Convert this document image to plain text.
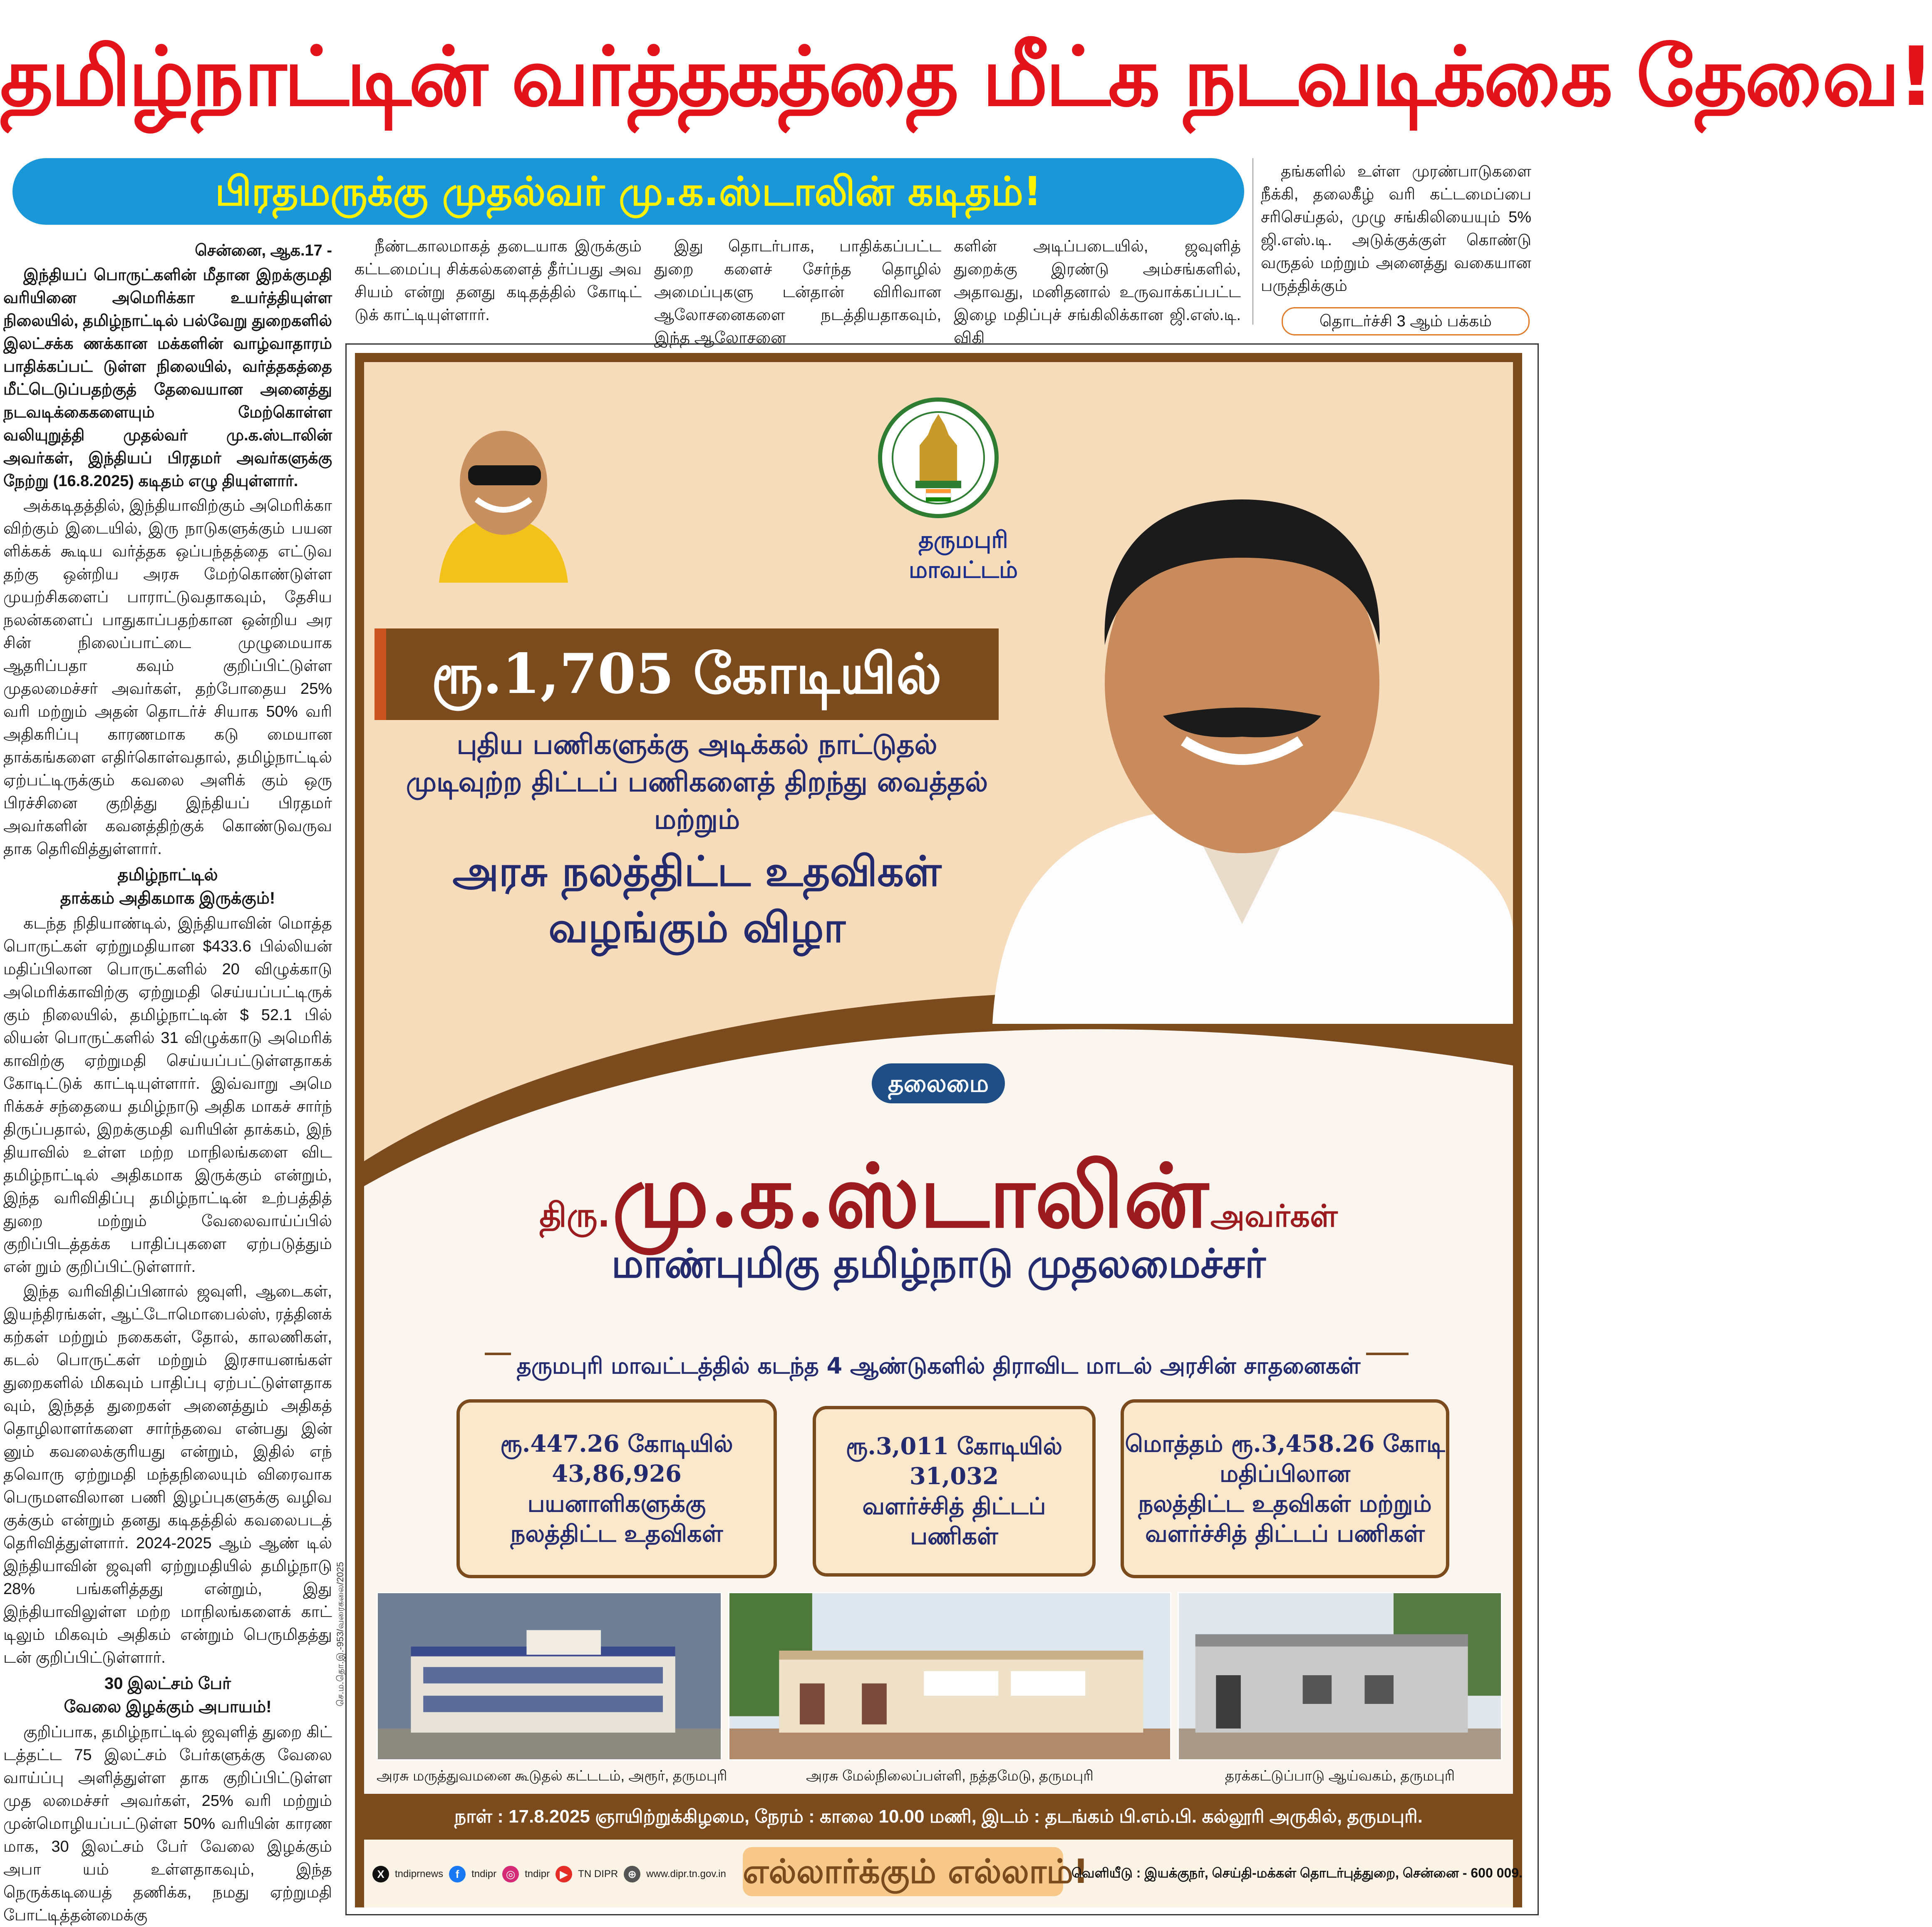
தமிழ்நாட்டின் வர்த்தகத்தை மீட்க நடவடிக்கை தேவை!
பிரதமருக்கு முதல்வர் மு.க.ஸ்டாலின் கடிதம்!

சென்னை, ஆக.17 -

இந்தியப் பொருட்களின் மீதான இறக்குமதி வரியினை அமெரிக்கா உயர்த்தியுள்ள நிலையில், தமிழ்நாட்டில் பல்வேறு துறைகளில் இலட்சக்க ணக்கான மக்களின் வாழ்வாதாரம் பாதிக்கப்பட் டுள்ள நிலையில், வர்த்தகத்தை மீட்டெடுப்பதற்குத் தேவையான அனைத்து நடவடிக்கைகளையும் மேற்கொள்ள வலியுறுத்தி முதல்வர் மு.க.ஸ்டாலின் அவர்கள், இந்தியப் பிரதமர் அவர்களுக்கு நேற்று (16.8.2025) கடிதம் எழு தியுள்ளார்.

அக்கடிதத்தில், இந்தியாவிற்கும் அமெரிக்கா விற்கும் இடையில், இரு நாடுகளுக்கும் பயன ளிக்கக் கூடிய வர்த்தக ஒப்பந்தத்தை எட்டுவ தற்கு ஒன்றிய அரசு மேற்கொண்டுள்ள முயற்சிகளைப் பாராட்டுவதாகவும், தேசிய நலன்களைப் பாதுகாப்பதற்கான ஒன்றிய அர சின் நிலைப்பாட்டை முழுமையாக ஆதரிப்பதா கவும் குறிப்பிட்டுள்ள முதலமைச்சர் அவர்கள், தற்போதைய 25% வரி மற்றும் அதன் தொடர்ச் சியாக 50% வரி அதிகரிப்பு காரணமாக கடு மையான தாக்கங்களை எதிர்கொள்வதால், தமிழ்நாட்டில் ஏற்பட்டிருக்கும் கவலை அளிக் கும் ஒரு பிரச்சினை குறித்து இந்தியப் பிரதமர் அவர்களின் கவனத்திற்குக் கொண்டுவருவ தாக தெரிவித்துள்ளார்.

தமிழ்நாட்டில்
தாக்கம் அதிகமாக இருக்கும்!

கடந்த நிதியாண்டில், இந்தியாவின் மொத்த பொருட்கள் ஏற்றுமதியான $433.6 பில்லியன் மதிப்பிலான பொருட்களில் 20 விழுக்காடு அமெரிக்காவிற்கு ஏற்றுமதி செய்யப்பட்டிருக் கும் நிலையில், தமிழ்நாட்டின் $ 52.1 பில் லியன் பொருட்களில் 31 விழுக்காடு அமெரிக் காவிற்கு ஏற்றுமதி செய்யப்பட்டுள்ளதாகக் கோடிட்டுக் காட்டியுள்ளார். இவ்வாறு அமெ ரிக்கச் சந்தையை தமிழ்நாடு அதிக மாகச் சார்ந் திருப்பதால், இறக்குமதி வரியின் தாக்கம், இந் தியாவில் உள்ள மற்ற மாநிலங்களை விட தமிழ்நாட்டில் அதிகமாக இருக்கும் என்றும், இந்த வரிவிதிப்பு தமிழ்நாட்டின் உற்பத்தித் துறை மற்றும் வேலைவாய்ப்பில் குறிப்பிடத்தக்க பாதிப்புகளை ஏற்படுத்தும் என் றும் குறிப்பிட்டுள்ளார்.

இந்த வரிவிதிப்பினால் ஜவுளி, ஆடைகள், இயந்திரங்கள், ஆட்டோமொபைல்ஸ், ரத்தினக் கற்கள் மற்றும் நகைகள், தோல், காலணிகள், கடல் பொருட்கள் மற்றும் இரசாயனங்கள் துறைகளில் மிகவும் பாதிப்பு ஏற்பட்டுள்ளதாக வும், இந்தத் துறைகள் அனைத்தும் அதிகத் தொழிலாளர்களை சார்ந்தவை என்பது இன் னும் கவலைக்குரியது என்றும், இதில் எந் தவொரு ஏற்றுமதி மந்தநிலையும் விரைவாக பெருமளவிலான பணி இழப்புகளுக்கு வழிவ குக்கும் என்றும் தனது கடிதத்தில் கவலைபடத் தெரிவித்துள்ளார். 2024-2025 ஆம் ஆண் டில் இந்தியாவின் ஜவுளி ஏற்றுமதியில் தமிழ்நாடு 28% பங்களித்தது என்றும், இது இந்தியாவிலுள்ள மற்ற மாநிலங்களைக் காட் டிலும் மிகவும் அதிகம் என்றும் பெருமிதத்து டன் குறிப்பிட்டுள்ளார்.

30 இலட்சம் பேர்
வேலை இழக்கும் அபாயம்!

குறிப்பாக, தமிழ்நாட்டில் ஜவுளித் துறை கிட் டத்தட்ட 75 இலட்சம் பேர்களுக்கு வேலை வாய்ப்பு அளித்துள்ள தாக குறிப்பிட்டுள்ள முத லமைச்சர் அவர்கள், 25% வரி மற்றும் முன்மொழியப்பட்டுள்ள 50% வரியின் காரண மாக, 30 இலட்சம் பேர் வேலை இழக்கும் அபா யம் உள்ளதாகவும், இந்த நெருக்கடியைத் தணிக்க, நமது ஏற்றுமதி போட்டித்தன்மைக்கு

நீண்டகாலமாகத் தடையாக இருக்கும் கட்டமைப்பு சிக்கல்களைத் தீர்ப்பது அவ சியம் என்று தனது கடிதத்தில் கோடிட் டுக் காட்டியுள்ளார்.

இது தொடர்பாக, பாதிக்கப்பட்ட துறை களைச் சேர்ந்த தொழில் அமைப்புகளு டன்தான் விரிவான ஆலோசனைகளை நடத்தியதாகவும், இந்த ஆலோசனை

களின் அடிப்படையில், ஜவுளித் துறைக்கு இரண்டு அம்சங்களில், அதாவது, மனிதனால் உருவாக்கப்பட்ட இழை மதிப்புச் சங்கிலிக்கான ஜி.எஸ்.டி. விகி

தங்களில் உள்ள முரண்பாடுகளை நீக்கி, தலைகீழ் வரி கட்டமைப்பை சரிசெய்தல், முழு சங்கிலியையும் 5% ஜி.எஸ்.டி. அடுக்குக்குள் கொண்டு வருதல் மற்றும் அனைத்து வகையான பருத்திக்கும்

தொடர்ச்சி 3 ஆம் பக்கம்
தருமபுரி மாவட்டம்
ரூ.1,705 கோடியில்
புதிய பணிகளுக்கு அடிக்கல் நாட்டுதல்
முடிவுற்ற திட்டப் பணிகளைத் திறந்து வைத்தல்
மற்றும்
அரசு நலத்திட்ட உதவிகள்
வழங்கும் விழா
தலைமை
திரு. மு.க.ஸ்டாலின் அவர்கள்
மாண்புமிகு தமிழ்நாடு முதலமைச்சர்
தருமபுரி மாவட்டத்தில் கடந்த 4 ஆண்டுகளில் திராவிட மாடல் அரசின் சாதனைகள்
ரூ.447.26 கோடியில்
43,86,926 பயனாளிகளுக்கு
நலத்திட்ட உதவிகள்
ரூ.3,011 கோடியில்
31,032
வளர்ச்சித் திட்டப் பணிகள்
மொத்தம் ரூ.3,458.26 கோடி
மதிப்பிலான
நலத்திட்ட உதவிகள் மற்றும்
வளர்ச்சித் திட்டப் பணிகள்
அரசு மருத்துவமனை கூடுதல் கட்டடம், அரூர், தருமபுரி	அரசு மேல்நிலைப்பள்ளி, நத்தமேடு, தருமபுரி	தரக்கட்டுப்பாடு ஆய்வகம், தருமபுரி
நாள் : 17.8.2025 ஞாயிற்றுக்கிழமை, நேரம் : காலை 10.00 மணி, இடம் : தடங்கம் பி.எம்.பி. கல்லூரி அருகில், தருமபுரி.
X	tndiprnews	f	tndipr ◎ tndipr ▶	TN DIPR ⊕ www.dipr.tn.gov.in எல்லார்க்கும் எல்லாம்!
வெளியீடு : இயக்குநர், செய்தி-மக்கள் தொடர்புத்துறை, சென்னை - 600 009.
செ.ம.தொ.இ.-953/வரைகலை/2025
